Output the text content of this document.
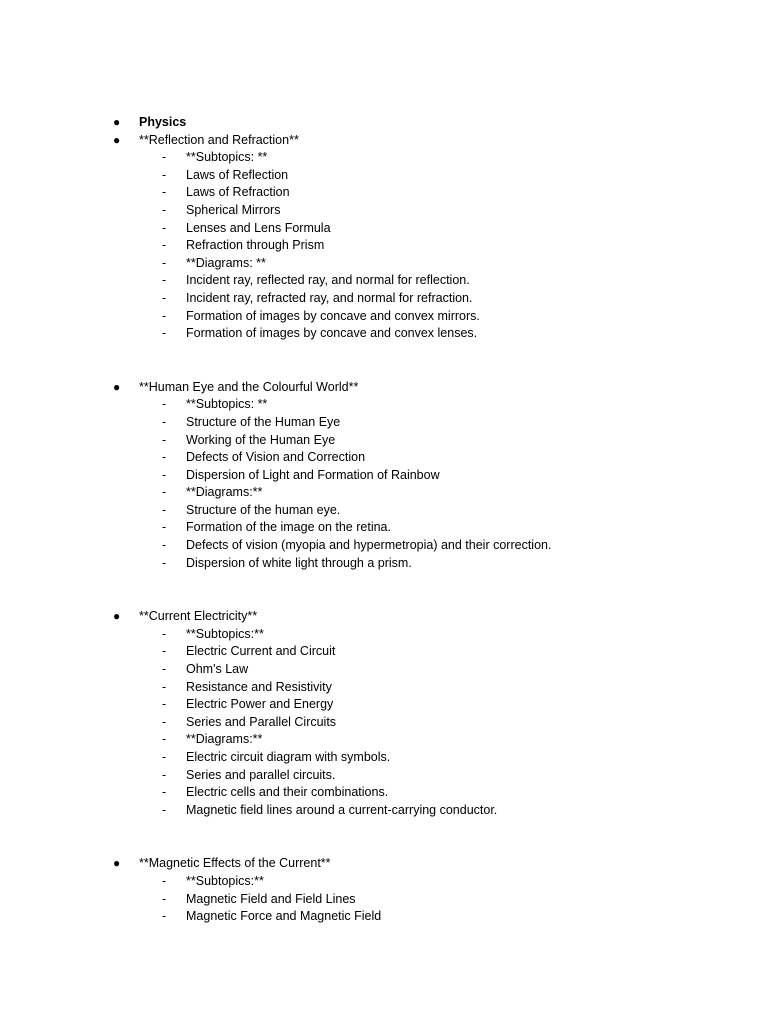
● Physics
● **Reflection and Refraction**
- **Subtopics: **
- Laws of Reflection
- Laws of Refraction
- Spherical Mirrors
- Lenses and Lens Formula
- Refraction through Prism
- **Diagrams: **
- Incident ray, reflected ray, and normal for reflection.
- Incident ray, refracted ray, and normal for refraction.
- Formation of images by concave and convex mirrors.
- Formation of images by concave and convex lenses.
● **Human Eye and the Colourful World**
- **Subtopics: **
- Structure of the Human Eye
- Working of the Human Eye
- Defects of Vision and Correction
- Dispersion of Light and Formation of Rainbow
- **Diagrams:**
- Structure of the human eye.
- Formation of the image on the retina.
- Defects of vision (myopia and hypermetropia) and their correction.
- Dispersion of white light through a prism.
● **Current Electricity**
- **Subtopics:**
- Electric Current and Circuit
- Ohm's Law
- Resistance and Resistivity
- Electric Power and Energy
- Series and Parallel Circuits
- **Diagrams:**
- Electric circuit diagram with symbols.
- Series and parallel circuits.
- Electric cells and their combinations.
- Magnetic field lines around a current-carrying conductor.
● **Magnetic Effects of the Current**
- **Subtopics:**
- Magnetic Field and Field Lines
- Magnetic Force and Magnetic Field
